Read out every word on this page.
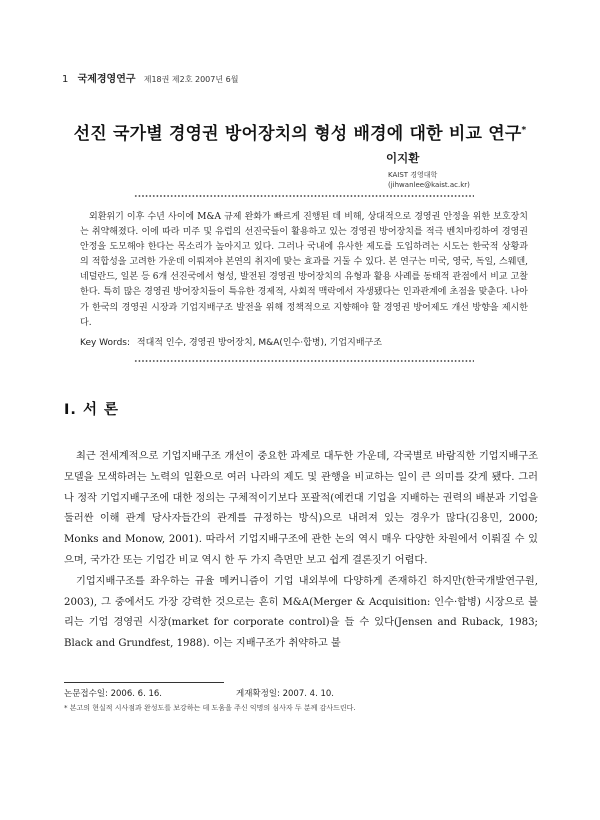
1 국제경영연구 제18권 제2호 2007년 6월
선진 국가별 경영권 방어장치의 형성 배경에 대한 비교 연구*
이지환
KAIST 경영대학
(jihwanlee@kaist.ac.kr)

외환위기 이후 수년 사이에 M&A 규제 완화가 빠르게 진행된 데 비해, 상대적으로 경영권 안정을 위한 보호장치는 취약해졌다. 이에 따라 미주 및 유럽의 선진국들이 활용하고 있는 경영권 방어장치를 적극 벤치마킹하여 경영권 안정을 도모해야 한다는 목소리가 높아지고 있다. 그러나 국내에 유사한 제도를 도입하려는 시도는 한국적 상황과의 적합성을 고려한 가운데 이뤄져야 본연의 취지에 맞는 효과를 거둘 수 있다. 본 연구는 미국, 영국, 독일, 스웨덴, 네덜란드, 일본 등 6개 선진국에서 형성, 발전된 경영권 방어장치의 유형과 활용 사례를 동태적 관점에서 비교 고찰한다. 특히 많은 경영권 방어장치들이 특유한 경제적, 사회적 맥락에서 자생됐다는 인과관계에 초점을 맞춘다. 나아가 한국의 경영권 시장과 기업지배구조 발전을 위해 정책적으로 지향해야 할 경영권 방어제도 개선 방향을 제시한다.

Key Words: 적대적 인수, 경영권 방어장치, M&A(인수·합병), 기업지배구조
Ⅰ. 서 론

최근 전세계적으로 기업지배구조 개선이 중요한 과제로 대두한 가운데, 각국별로 바람직한 기업지배구조 모델을 모색하려는 노력의 일환으로 여러 나라의 제도 및 관행을 비교하는 일이 큰 의미를 갖게 됐다. 그러나 정작 기업지배구조에 대한 정의는 구체적이기보다 포괄적(예컨대 기업을 지배하는 권력의 배분과 기업을 둘러싼 이해 관계 당사자들간의 관계를 규정하는 방식)으로 내려져 있는 경우가 많다(김용민, 2000; Monks and Monow, 2001). 따라서 기업지배구조에 관한 논의 역시 매우 다양한 차원에서 이뤄질 수 있으며, 국가간 또는 기업간 비교 역시 한 두 가지 측면만 보고 쉽게 결론짓기 어렵다.

기업지배구조를 좌우하는 규율 메커니즘이 기업 내외부에 다양하게 존재하긴 하지만(한국개발연구원, 2003), 그 중에서도 가장 강력한 것으로는 흔히 M&A(Merger & Acquisition: 인수·합병) 시장으로 불리는 기업 경영권 시장(market for corporate control)을 들 수 있다(Jensen and Ruback, 1983; Black and Grundfest, 1988). 이는 지배구조가 취약하고 불

논문접수일: 2006. 6. 16.	게재확정일: 2007. 4. 10.
* 본고의 현실적 시사점과 완성도를 보강하는 데 도움을 주신 익명의 심사자 두 분께 감사드린다.
